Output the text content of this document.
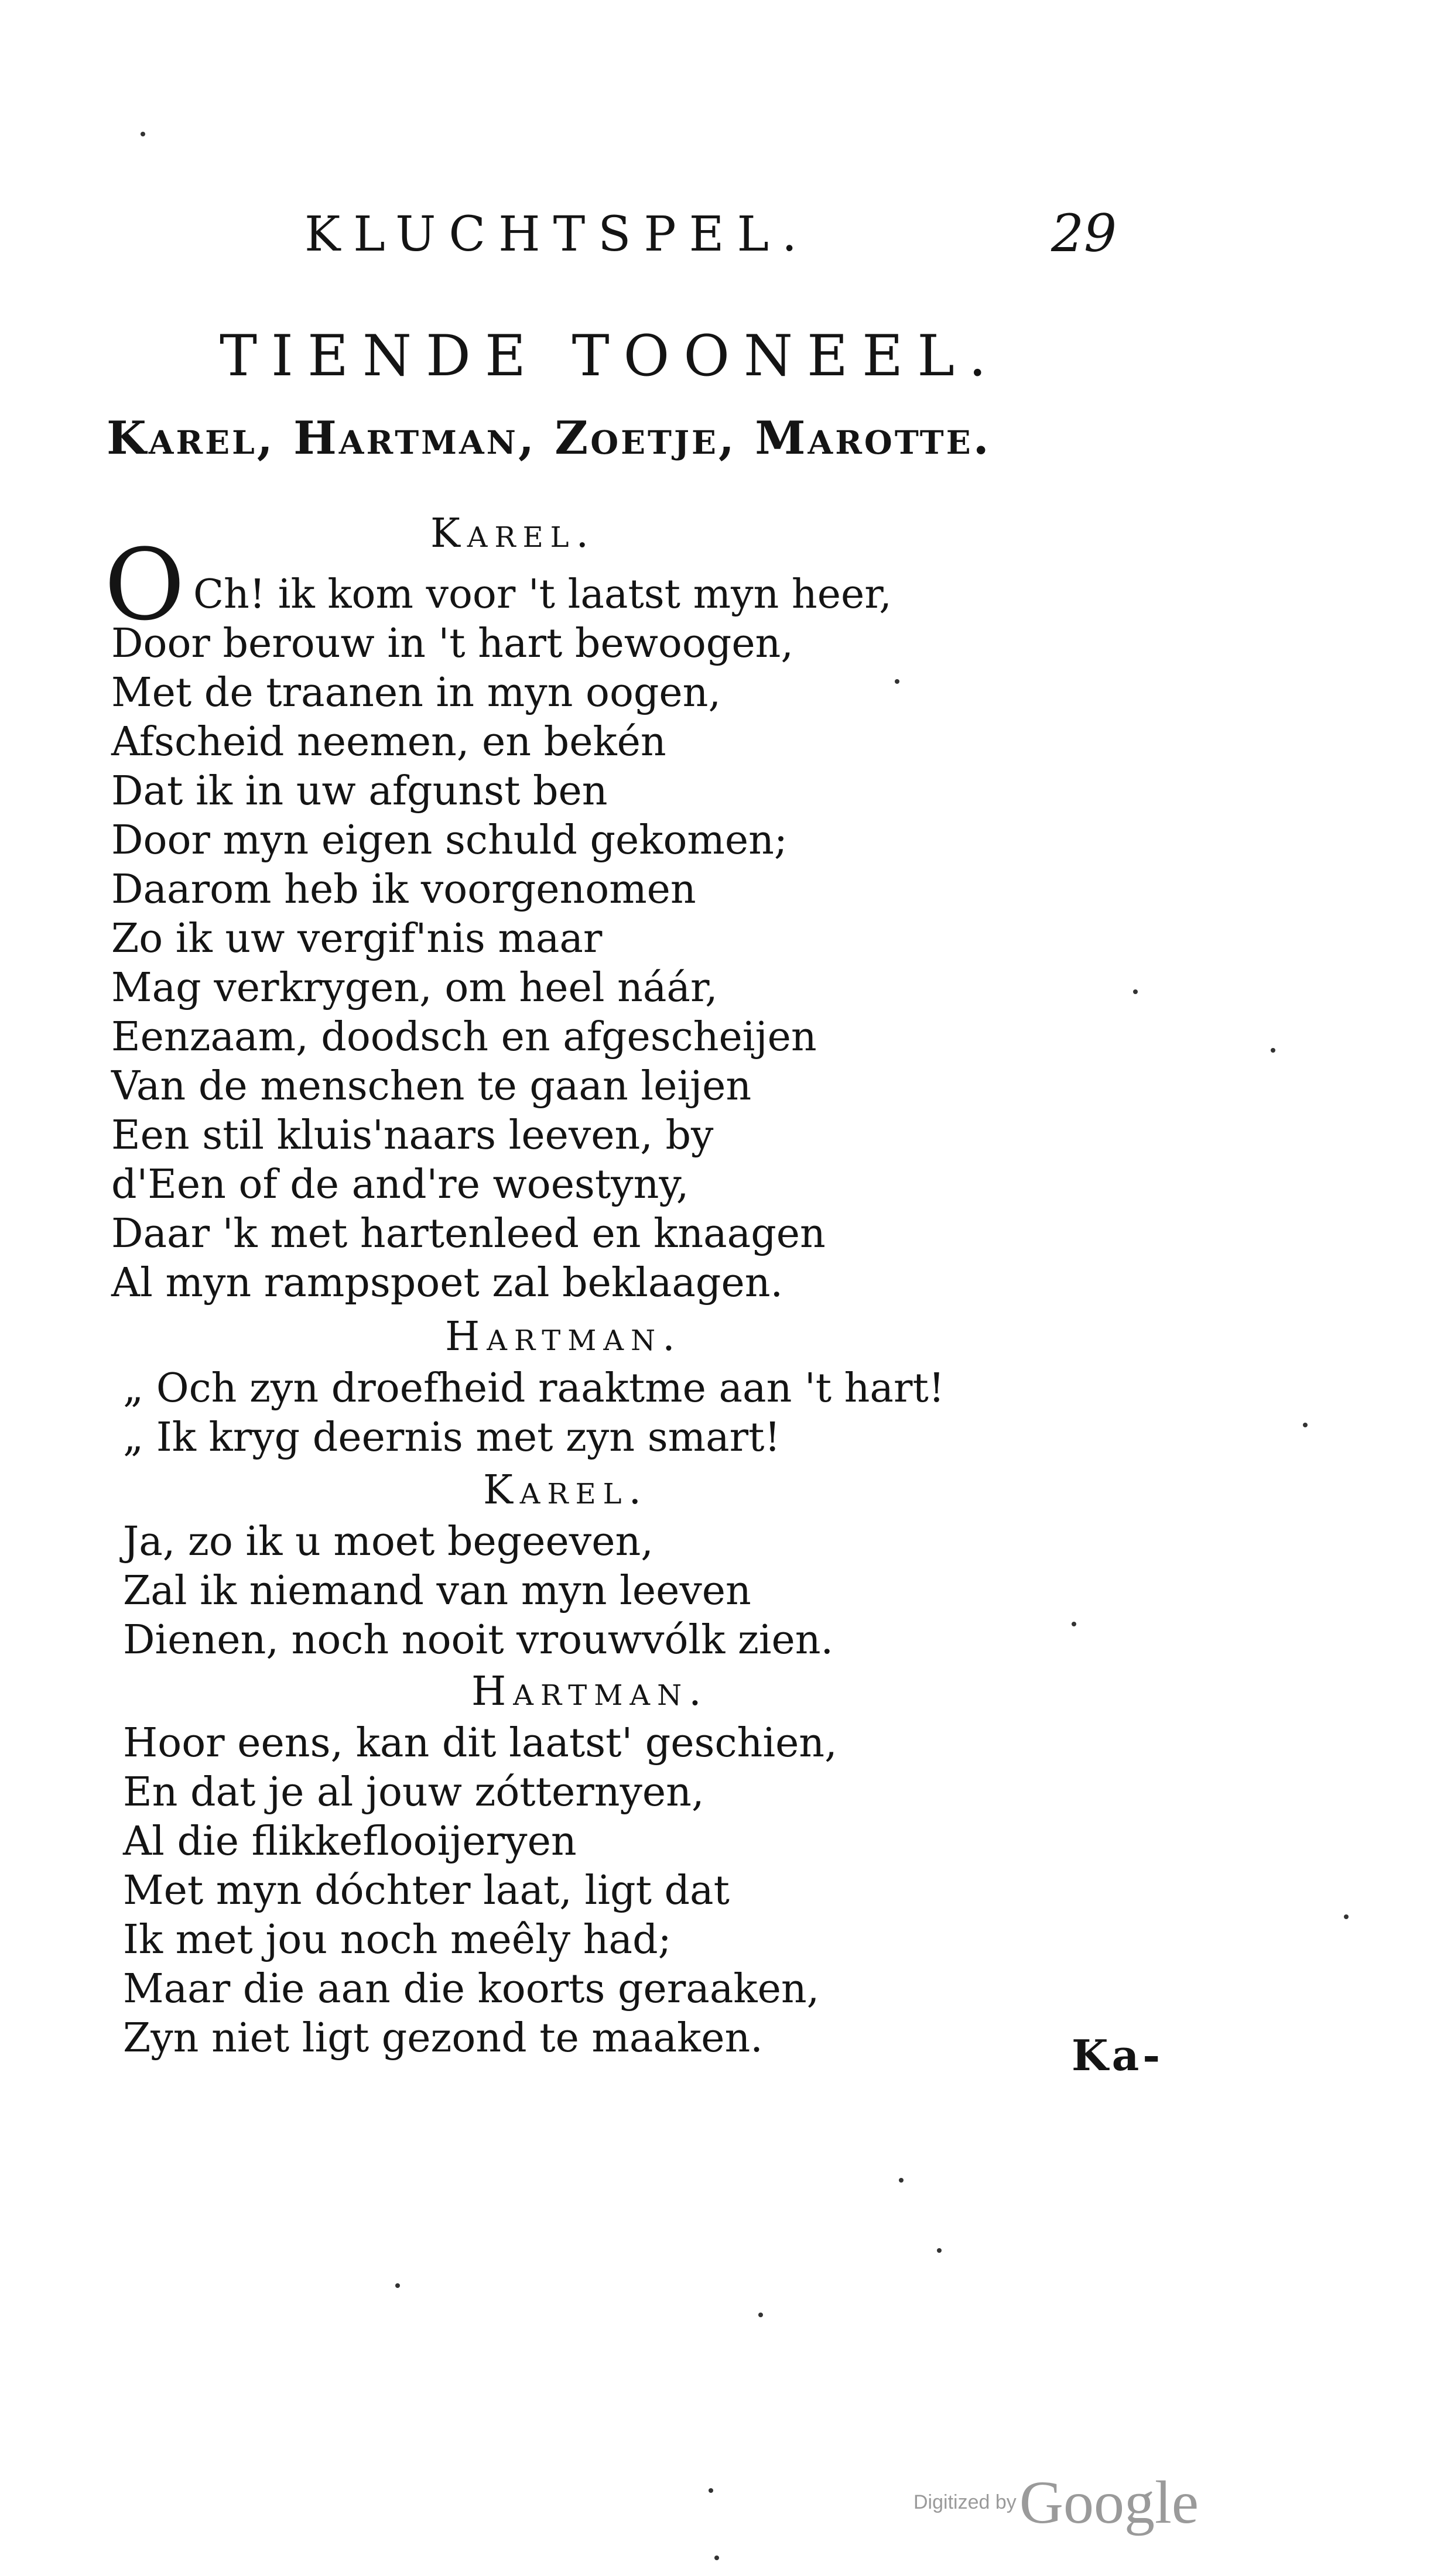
KLUCHTSPEL.	29
TIENDE TOONEEL.
Karel, Hartman, Zoetje, Marotte.
Karel.
O Ch! ik kom voor 't laatst myn heer,
Door berouw in 't hart bewoogen,
Met de traanen in myn oogen,
Afscheid neemen, en bekén
Dat ik in uw afgunst ben
Door myn eigen schuld gekomen;
Daarom heb ik voorgenomen
Zo ik uw vergif'nis maar
Mag verkrygen, om heel náár,
Eenzaam, doodsch en afgescheijen
Van de menschen te gaan leijen
Een stil kluis'naars leeven, by
d'Een of de and're woestyny,
Daar 'k met hartenleed en knaagen
Al myn rampspoet zal beklaagen.
Hartman.
„ Och zyn droefheid raaktme aan 't hart!
„ Ik kryg deernis met zyn smart!
Karel.
Ja, zo ik u moet begeeven,
Zal ik niemand van myn leeven
Dienen, noch nooit vrouwvólk zien.
Hartman.
Hoor eens, kan dit laatst' geschien,
En dat je al jouw zótternyen,
Al die flikkeflooijeryen
Met myn dóchter laat, ligt dat
Ik met jou noch meêly had;
Maar die aan die koorts geraaken,
Zyn niet ligt gezond te maaken.	Ka-
Digitized by Google
